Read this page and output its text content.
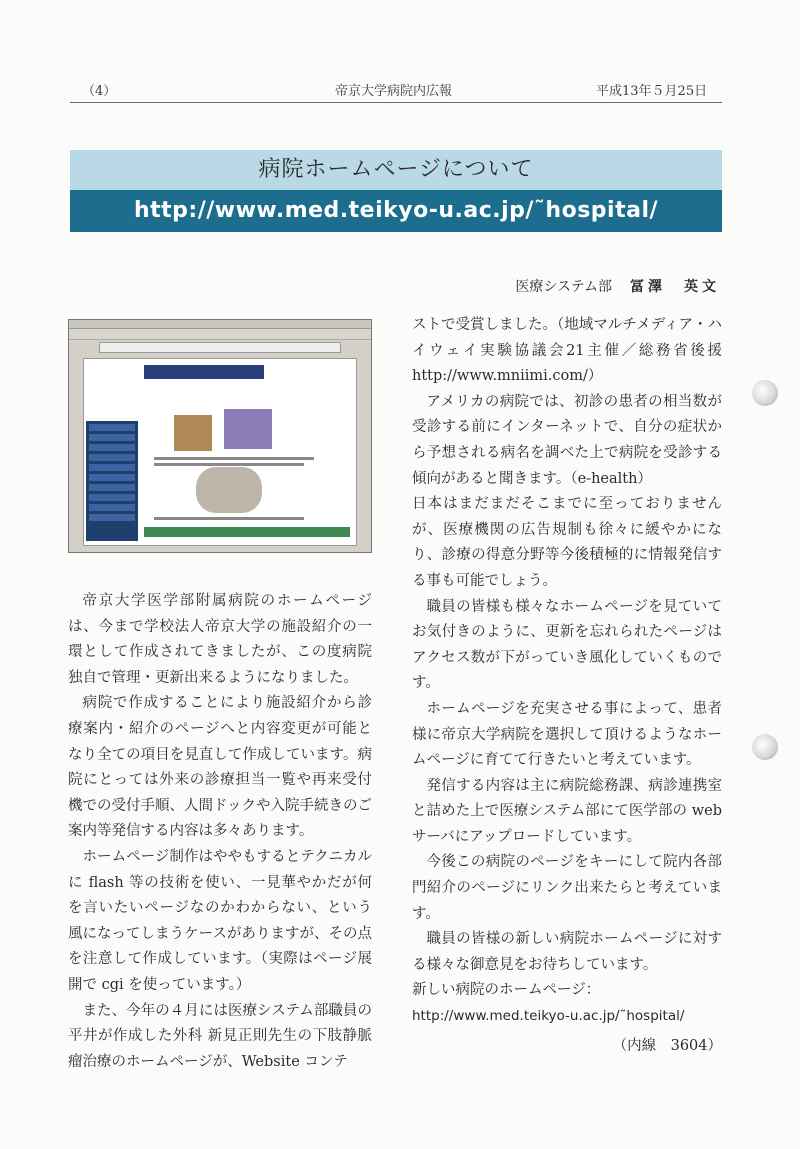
（4）	帝京大学病院内広報	平成13年５月25日
病院ホームページについて
http://www.med.teikyo-u.ac.jp/˜hospital/
医療システム部 冨澤　英文

帝京大学医学部附属病院のホームページは、今まで学校法人帝京大学の施設紹介の一環として作成されてきましたが、この度病院独自で管理・更新出来るようになりました。

病院で作成することにより施設紹介から診療案内・紹介のページへと内容変更が可能となり全ての項目を見直して作成しています。病院にとっては外来の診療担当一覧や再来受付機での受付手順、人間ドックや入院手続きのご案内等発信する内容は多々あります。

ホームページ制作はややもするとテクニカルに flash 等の技術を使い、一見華やかだが何を言いたいページなのかわからない、という風になってしまうケースがありますが、その点を注意して作成しています。（実際はページ展開で cgi を使っています。）

また、今年の４月には医療システム部職員の平井が作成した外科 新見正則先生の下肢静脈瘤治療のホームページが、Website コンテ

ストで受賞しました。（地域マルチメディア・ハイウェイ実験協議会21主催／総務省後援 http://www.mniimi.com/）

アメリカの病院では、初診の患者の相当数が受診する前にインターネットで、自分の症状から予想される病名を調べた上で病院を受診する傾向があると聞きます。（e-health）

日本はまだまだそこまでに至っておりませんが、医療機関の広告規制も徐々に緩やかになり、診療の得意分野等今後積極的に情報発信する事も可能でしょう。

職員の皆様も様々なホームページを見ていてお気付きのように、更新を忘れられたページはアクセス数が下がっていき風化していくものです。

ホームページを充実させる事によって、患者様に帝京大学病院を選択して頂けるようなホームページに育てて行きたいと考えています。

発信する内容は主に病院総務課、病診連携室と詰めた上で医療システム部にて医学部の web サーバにアップロードしています。

今後この病院のページをキーにして院内各部門紹介のページにリンク出来たらと考えています。

職員の皆様の新しい病院ホームページに対する様々な御意見をお待ちしています。

新しい病院のホームページ：

http://www.med.teikyo-u.ac.jp/˜hospital/

（内線　3604）
